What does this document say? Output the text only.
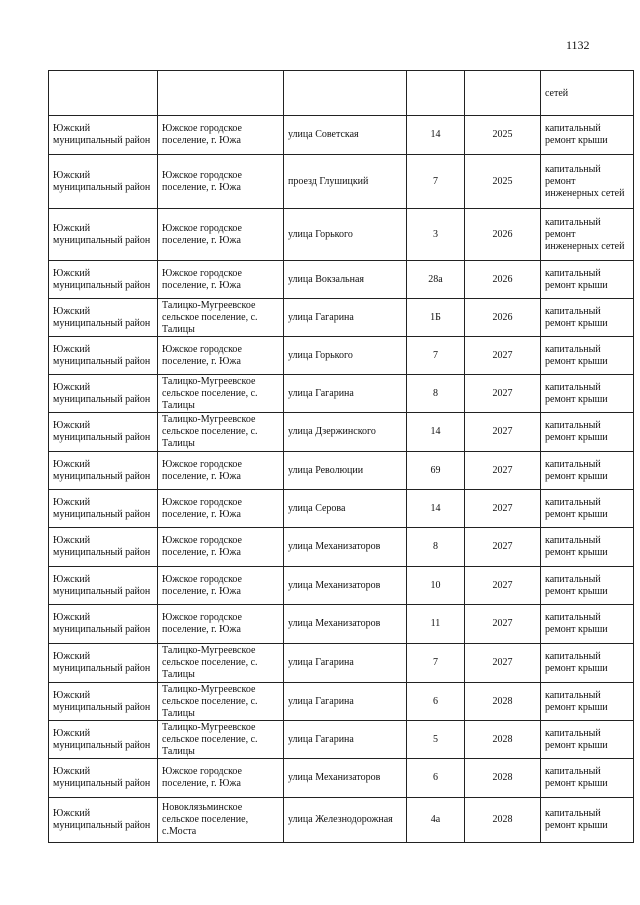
1132
					сетей
Южский муниципальный район	Южское городское поселение, г. Южа	улица Советская	14	2025	капитальный ремонт крыши
Южский муниципальный район	Южское городское поселение, г. Южа	проезд Глушицкий	7	2025	капитальный ремонт инженерных сетей
Южский муниципальный район	Южское городское поселение, г. Южа	улица Горького	3	2026	капитальный ремонт инженерных сетей
Южский муниципальный район	Южское городское поселение, г. Южа	улица Вокзальная	28а	2026	капитальный ремонт крыши
Южский муниципальный район	Талицко-Мугреевское сельское поселение, с. Талицы	улица Гагарина	1Б	2026	капитальный ремонт крыши
Южский муниципальный район	Южское городское поселение, г. Южа	улица Горького	7	2027	капитальный ремонт крыши
Южский муниципальный район	Талицко-Мугреевское сельское поселение, с. Талицы	улица Гагарина	8	2027	капитальный ремонт крыши
Южский муниципальный район	Талицко-Мугреевское сельское поселение, с. Талицы	улица Дзержинского	14	2027	капитальный ремонт крыши
Южский муниципальный район	Южское городское поселение, г. Южа	улица Революции	69	2027	капитальный ремонт крыши
Южский муниципальный район	Южское городское поселение, г. Южа	улица Серова	14	2027	капитальный ремонт крыши
Южский муниципальный район	Южское городское поселение, г. Южа	улица Механизаторов	8	2027	капитальный ремонт крыши
Южский муниципальный район	Южское городское поселение, г. Южа	улица Механизаторов	10	2027	капитальный ремонт крыши
Южский муниципальный район	Южское городское поселение, г. Южа	улица Механизаторов	11	2027	капитальный ремонт крыши
Южский муниципальный район	Талицко-Мугреевское сельское поселение, с. Талицы	улица Гагарина	7	2027	капитальный ремонт крыши
Южский муниципальный район	Талицко-Мугреевское сельское поселение, с. Талицы	улица Гагарина	6	2028	капитальный ремонт крыши
Южский муниципальный район	Талицко-Мугреевское сельское поселение, с. Талицы	улица Гагарина	5	2028	капитальный ремонт крыши
Южский муниципальный район	Южское городское поселение, г. Южа	улица Механизаторов	6	2028	капитальный ремонт крыши
Южский муниципальный район	Новоклязьминское сельское поселение, с.Моста	улица Железнодорожная	4а	2028	капитальный ремонт крыши
